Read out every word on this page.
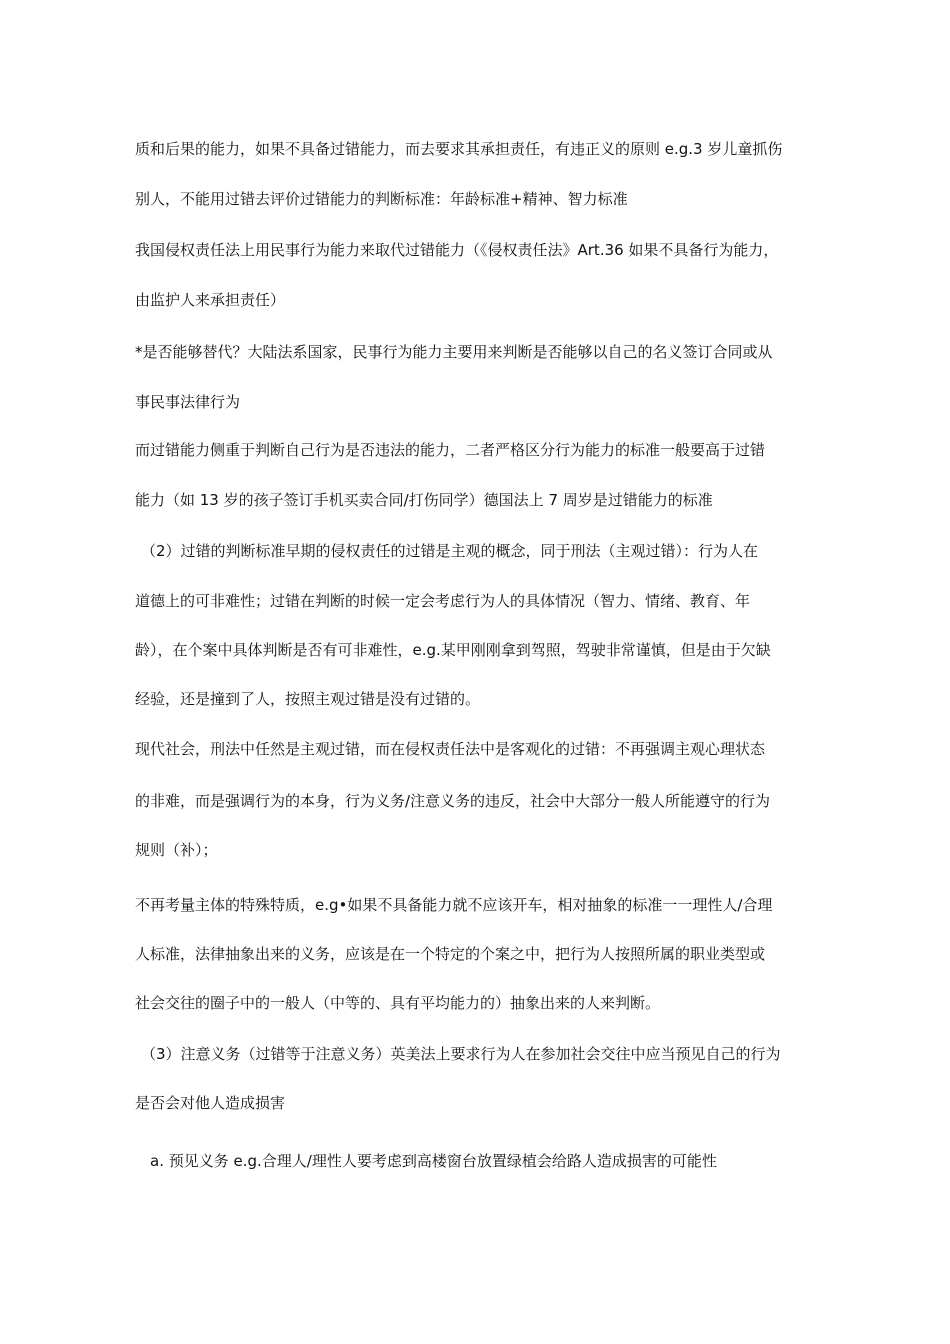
质和后果的能力，如果不具备过错能力，而去要求其承担责任，有违正义的原则 e.g.3 岁儿童抓伤
别人，不能用过错去评价过错能力的判断标准：年龄标准+精神、智力标准
我国侵权责任法上用民事行为能力来取代过错能力（《侵权责任法》Art.36 如果不具备行为能力，
由监护人来承担责任）
*是否能够替代？大陆法系国家，民事行为能力主要用来判断是否能够以自己的名义签订合同或从
事民事法律行为
而过错能力侧重于判断自己行为是否违法的能力，二者严格区分行为能力的标准一般要高于过错
能力（如 13 岁的孩子签订手机买卖合同/打伤同学）德国法上 7 周岁是过错能力的标准
（2）过错的判断标准早期的侵权责任的过错是主观的概念，同于刑法（主观过错）：行为人在
道德上的可非难性；过错在判断的时候一定会考虑行为人的具体情况（智力、情绪、教育、年
龄），在个案中具体判断是否有可非难性，e.g.某甲刚刚拿到驾照，驾驶非常谨慎，但是由于欠缺
经验，还是撞到了人，按照主观过错是没有过错的。
现代社会，刑法中任然是主观过错，而在侵权责任法中是客观化的过错：不再强调主观心理状态
的非难，而是强调行为的本身，行为义务/注意义务的违反，社会中大部分一般人所能遵守的行为
规则（补）；
不再考量主体的特殊特质，e.g•如果不具备能力就不应该开车，相对抽象的标准一一理性人/合理
人标准，法律抽象出来的义务，应该是在一个特定的个案之中，把行为人按照所属的职业类型或
社会交往的圈子中的一般人（中等的、具有平均能力的）抽象出来的人来判断。
（3）注意义务（过错等于注意义务）英美法上要求行为人在参加社会交往中应当预见自己的行为
是否会对他人造成损害
a. 预见义务 e.g.合理人/理性人要考虑到高楼窗台放置绿植会给路人造成损害的可能性
